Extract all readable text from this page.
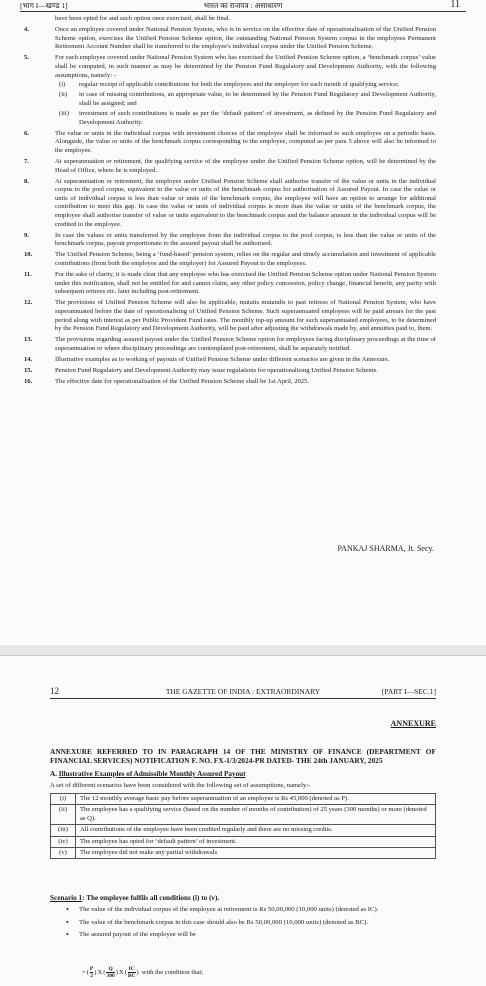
[भाग I—खण्ड 1]	भारत का राजपत्र : असाधारण	11
have been opted for and such option once exercised, shall be final.
4.	Once an employee covered under National Pension System, who is in service on the effective date of operationalisation of the Unified Pension Scheme option, exercises the Unified Pension Scheme option, the outstanding National Pension System corpus in the employees Permanent Retirement Account Number shall be transferred to the employee's individual corpus under the Unified Pension Scheme.
5.	For each employee covered under National Pension System who has exercised the Unified Pension Scheme option, a ‘benchmark corpus’ value shall be computed, in such manner as may be determined by the Pension Fund Regulatory and Development Authority, with the following assumptions, namely: -
(i) regular receipt of applicable contributions for both the employees and the employer for each month of qualifying service;
(ii) in case of missing contributions, an appropriate value, to be determined by the Pension Fund Regulatory and Development Authority, shall be assigned; and
(iii) investment of such contributions is made as per the ‘default pattern’ of investment, as defined by the Pension Fund Regulatory and Development Authority.
6.	The value or units in the individual corpus with investment choices of the employee shall be informed to such employee on a periodic basis. Alongside, the value or units of the benchmark corpus corresponding to the employee, computed as per para 5 above will also be informed to the employee.
7.	At superannuation or retirement, the qualifying service of the employee under the Unified Pension Scheme option, will be determined by the Head of Office, where he is employed.
8.	At superannuation or retirement, the employee under Unified Pension Scheme shall authorise transfer of the value or units in the individual corpus to the pool corpus, equivalent to the value or units of the benchmark corpus for authorisation of Assured Payout. In case the value or units of individual corpus is less than value or units of the benchmark corpus, the employee will have an option to arrange for additional contribution to meet this gap. In case the value or units of individual corpus is more than the value or units of the benchmark corpus, the employee shall authorise transfer of value or units equivalent to the benchmark corpus and the balance amount in the individual corpus will be credited to the employee.
9.	In case the values or units transferred by the employee from the individual corpus to the pool corpus, is less than the value or units of the benchmark corpus, payout proportionate to the assured payout shall be authorised.
10.	The Unified Pension Scheme, being a ‘fund-based’ pension system, relies on the regular and timely accumulation and investment of applicable contributions (from both the employee and the employer) for Assured Payout to the employees.
11.	For the sake of clarity, it is made clear that any employee who has exercised the Unified Pension Scheme option under National Pension System under this notification, shall not be entitled for and cannot claim, any other policy concession, policy change, financial benefit, any parity with subsequent retirees etc. later including post-retirement.
12.	The provisions of Unified Pension Scheme will also be applicable, mutatis mutandis to past retirees of National Pension System, who have superannuated before the date of operationalising of Unified Pension Scheme. Such superannuated employees will be paid arrears for the past period along with interest as per Public Provident Fund rates. The monthly top-up amount for such superannuated employees, to be determined by the Pension Fund Regulatory and Development Authority, will be paid after adjusting the withdrawals made by, and annuities paid to, them.
13.	The provisions regarding assured payout under the Unified Pension Scheme option for employees facing disciplinary proceedings at the time of superannuation or where disciplinary proceedings are contemplated post-retirement, shall be separately notified.
14.	Illustrative examples as to working of payouts of Unified Pension Scheme under different scenarios are given in the Annexure.
15.	Pension Fund Regulatory and Development Authority may issue regulations for operationalising Unified Pension Scheme.
16.	The effective date for operationalisation of the Unified Pension Scheme shall be 1st April, 2025.
PANKAJ SHARMA, Jt. Secy.
12	THE GAZETTE OF INDIA : EXTRAORDINARY	[PART I—SEC.1]
ANNEXURE
ANNEXURE REFERRED TO IN PARAGRAPH 14 OF THE MINISTRY OF FINANCE (DEPARTMENT OF FINANCIAL SERVICES) NOTIFICATION F. NO. FX-1/3/2024-PR DATED- THE 24th JANUARY, 2025
A. Illustrative Examples of Admissible Monthly Assured Payout
A set of different scenarios have been considered with the following set of assumptions, namely:-
(i)	The 12 monthly average basic pay before superannuation of an employee is Rs 45,000 (denoted as P).
(ii)	The employee has a qualifying service (based on the number of months of contribution) of 25 years (300 months) or more (denoted as Q).
(iii)	All contributions of the employee have been credited regularly and there are no missing credits.
(iv)	The employee has opted for ‘default pattern’ of investment.
(v)	The employee did not make any partial withdrawals
Scenario 1: The employee fulfils all conditions (i) to (v).
• The value of the individual corpus of the employee at retirement is Rs 50,00,000 (10,000 units) (denoted as IC).
• The value of the benchmark corpus in this case should also be Rs 50,00,000 (10,000 units) (denoted as BC).
• The assured payout of the employee will be
= ( $\frac{P}{2}$ ) X ( $\frac{Q}{300}$ ) X ( $\frac{IC}{BC}$ ) with the condition that;
